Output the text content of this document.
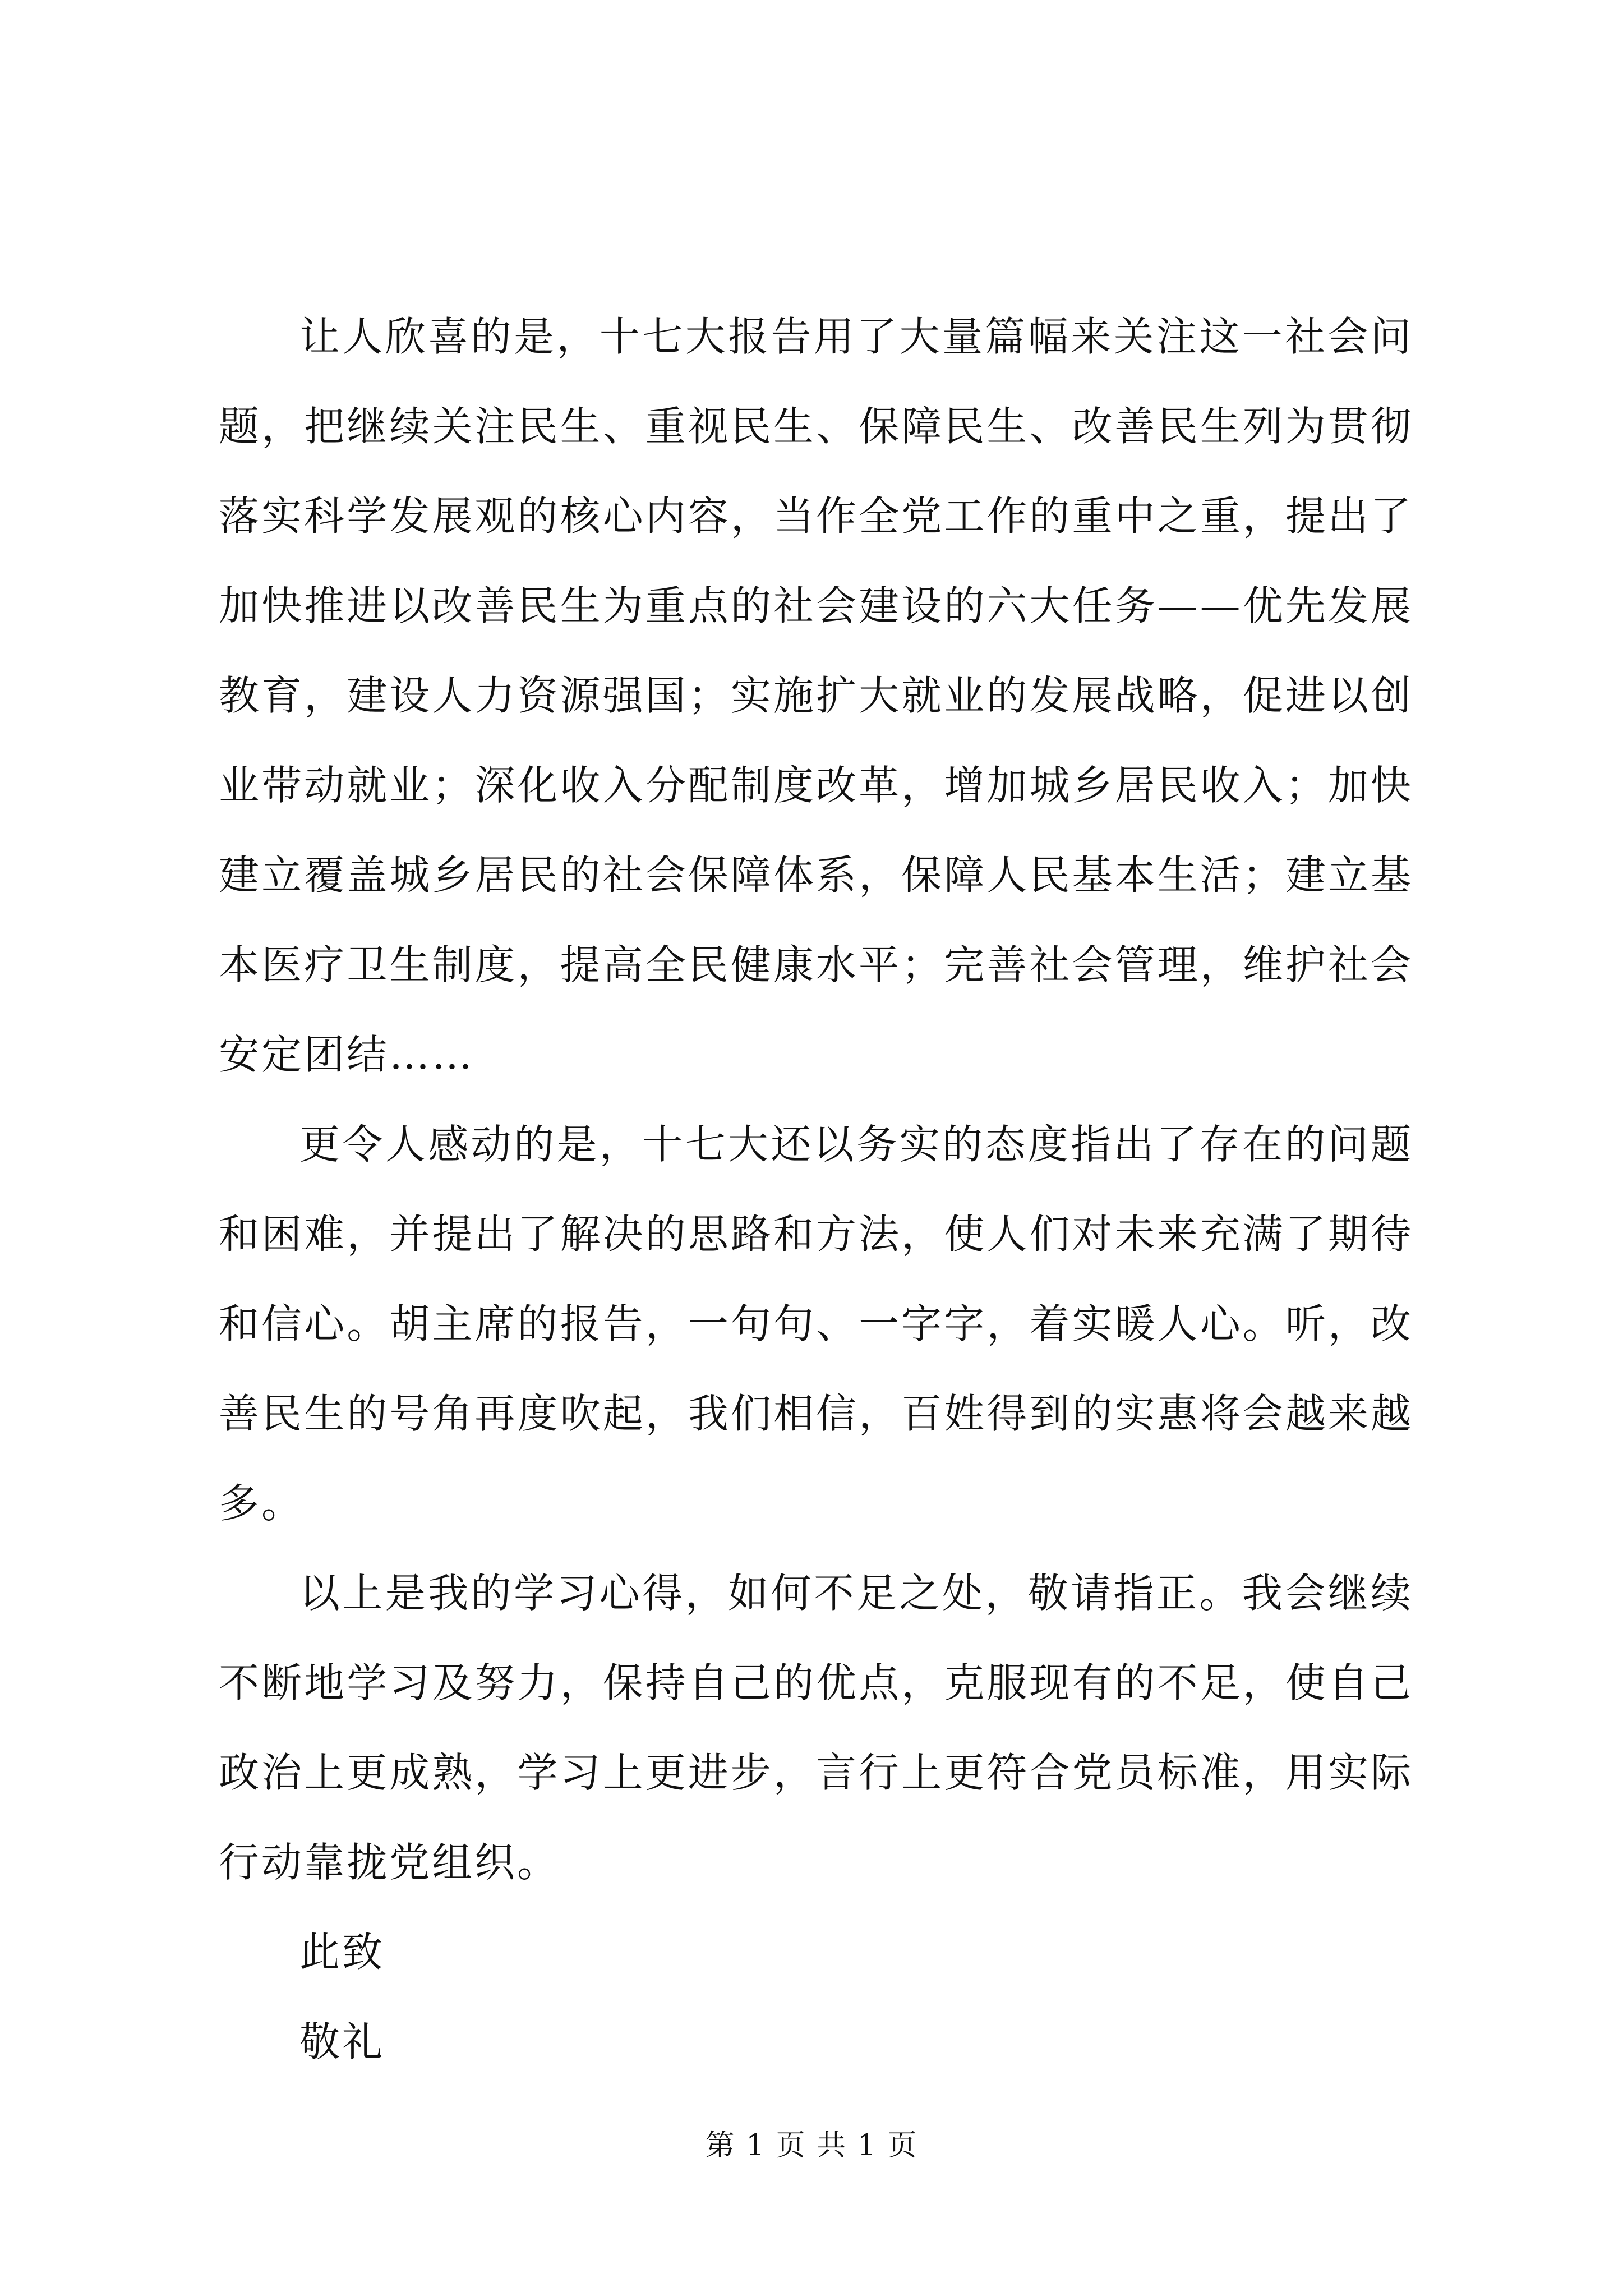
让人欣喜的是，十七大报告用了大量篇幅来关注这一社会问题，把继续关注民生、重视民生、保障民生、改善民生列为贯彻落实科学发展观的核心内容，当作全党工作的重中之重，提出了加快推进以改善民生为重点的社会建设的六大任务——优先发展教育，建设人力资源强国；实施扩大就业的发展战略，促进以创业带动就业；深化收入分配制度改革，增加城乡居民收入；加快建立覆盖城乡居民的社会保障体系，保障人民基本生活；建立基本医疗卫生制度，提高全民健康水平；完善社会管理，维护社会安定团结……

更令人感动的是，十七大还以务实的态度指出了存在的问题和困难，并提出了解决的思路和方法，使人们对未来充满了期待和信心。胡主席的报告，一句句、一字字，着实暖人心。听，改善民生的号角再度吹起，我们相信，百姓得到的实惠将会越来越多。

以上是我的学习心得，如何不足之处，敬请指正。我会继续不断地学习及努力，保持自己的优点，克服现有的不足，使自己政治上更成熟，学习上更进步，言行上更符合党员标准，用实际行动靠拢党组织。

此致

敬礼

第 1 页 共 1 页
